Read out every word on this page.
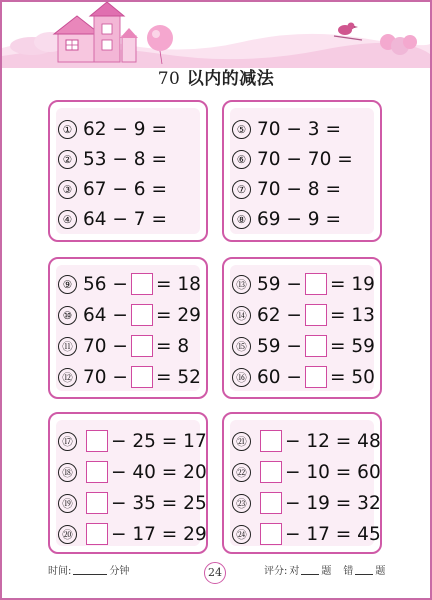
70 以内的减法
① 62 − 9 =
② 53 − 8 =
③ 67 − 6 =
④ 64 − 7 =
⑤ 70 − 3 =
⑥ 70 − 70 =
⑦ 70 − 8 =
⑧ 69 − 9 =
⑨ 56 − = 18
⑩ 64 − = 29
⑪ 70 − = 8
⑫ 70 − = 52
⑬ 59 − = 19
⑭ 62 − = 13
⑮ 59 − = 59
⑯ 60 − = 50
⑰ − 25 = 17
⑱ − 40 = 20
⑲ − 35 = 25
⑳ − 17 = 29
㉑ − 12 = 48
㉒ − 10 = 60
㉓ − 19 = 32
㉔ − 17 = 45
时间:	分钟	24	评分: 对 题 错 题
